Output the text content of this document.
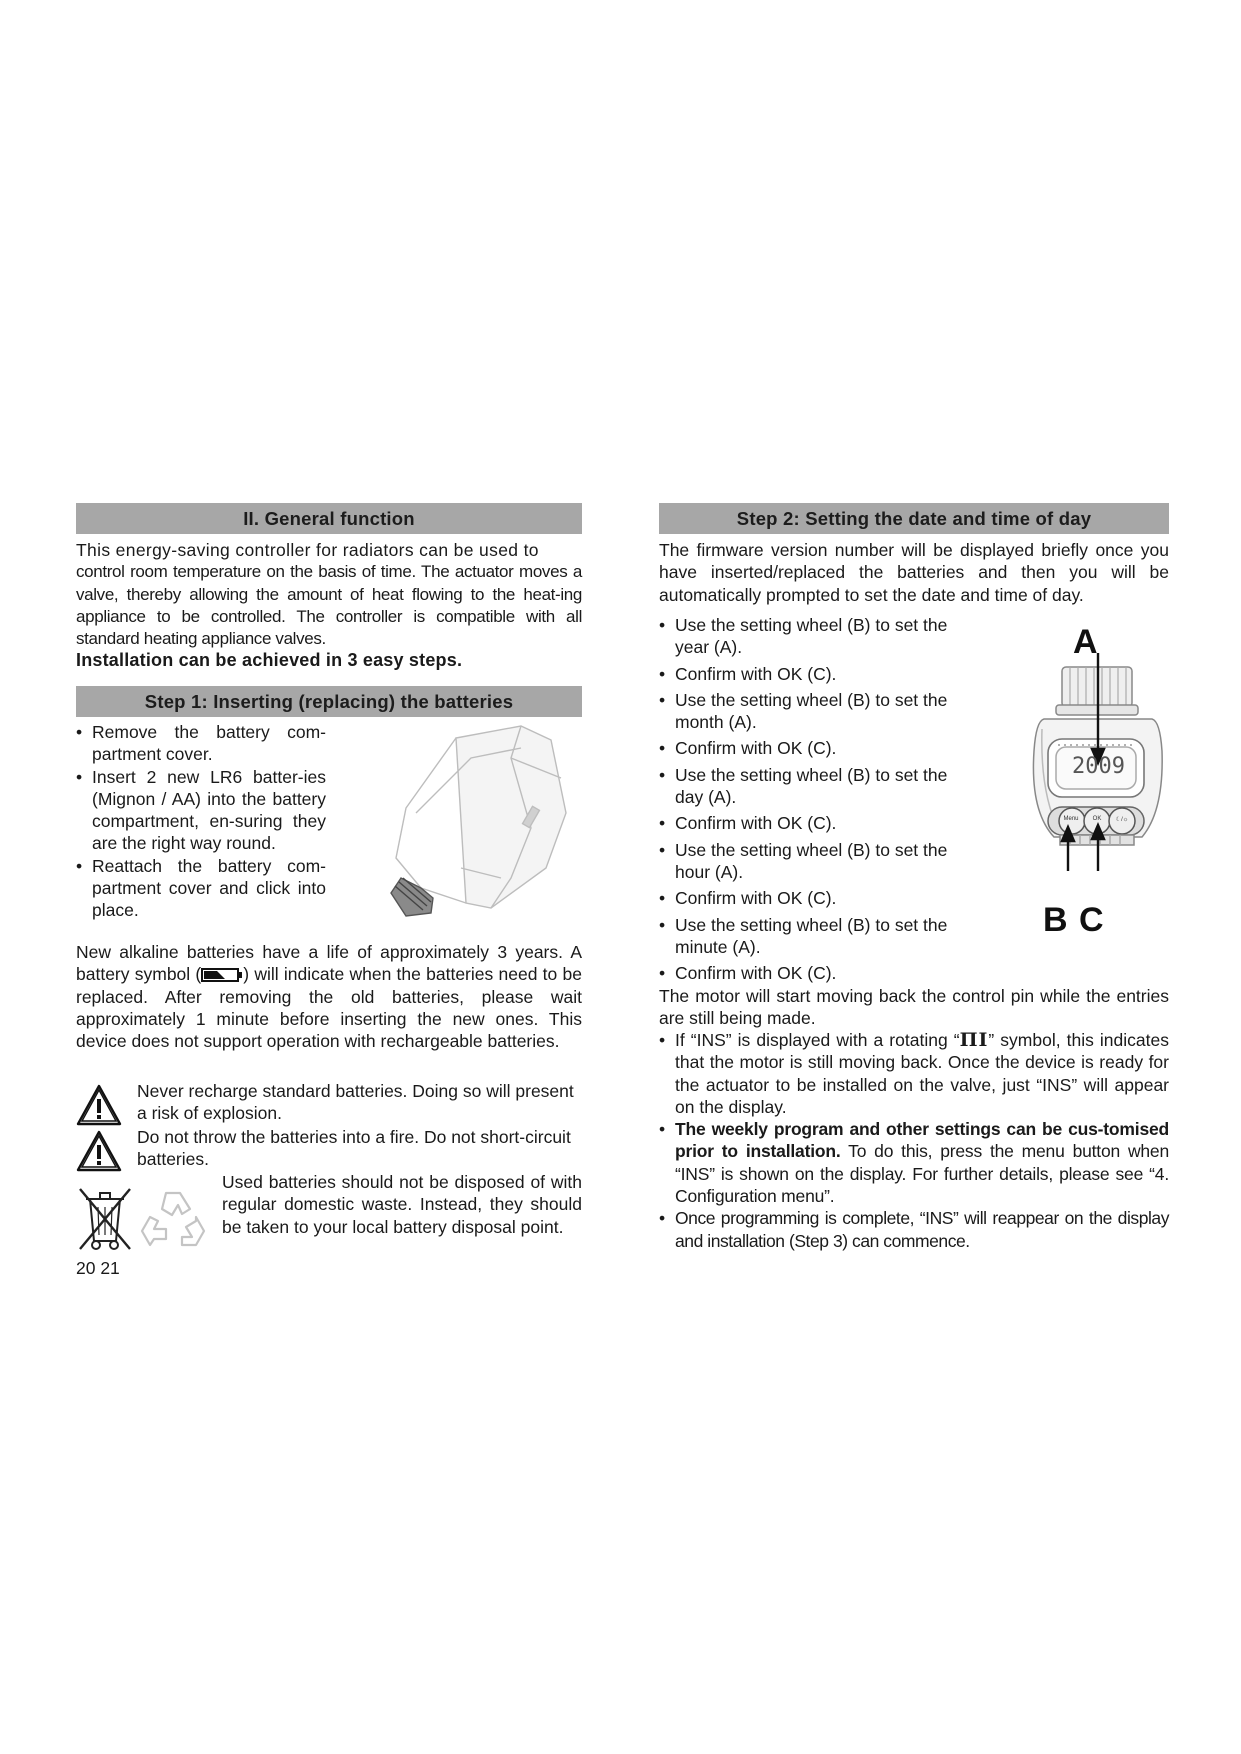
II. General function

This energy-saving controller for radiators can be used to

control room temperature on the basis of time. The actuator moves a valve, thereby allowing the amount of heat flowing to the heat-ing appliance to be controlled. The controller is compatible with all standard heating appliance valves.

Installation can be achieved in 3 easy steps.

Step 1: Inserting (replacing) the batteries
• Remove the battery com-partment cover.
• Insert 2 new LR6 batter-ies (Mignon / AA) into the battery compartment, en-suring they are the right way round.
• Reattach the battery com-partment cover and click into place.

New alkaline batteries have a life of approximately 3 years. A battery symbol ( ) will indicate when the batteries need to be replaced. After removing the old batteries, please wait approximately 1 minute before inserting the new ones. This device does not support operation with rechargeable batteries.

Never recharge standard batteries. Doing so will present a risk of explosion.

Do not throw the batteries into a fire. Do not short-circuit batteries.

Used batteries should not be disposed of with regular domestic waste. Instead, they should be taken to your local battery disposal point.

20 21

Step 2: Setting the date and time of day

The firmware version number will be displayed briefly once you have inserted/replaced the batteries and then you will be automatically prompted to set the date and time of day.

• Use the setting wheel (B) to set the year (A).
• Confirm with OK (C).
• Use the setting wheel (B) to set the month (A).
• Confirm with OK (C).
• Use the setting wheel (B) to set the day (A).
• Confirm with OK (C).
• Use the setting wheel (B) to set the hour (A).
• Confirm with OK (C).
• Use the setting wheel (B) to set the minute (A).
• Confirm with OK (C).
2009
Menu	OK	☾/☼
A
B C

The motor will start moving back the control pin while the entries are still being made.

• If “INS” is displayed with a rotating “ΠΙ” symbol, this indicates that the motor is still moving back. Once the device is ready for the actuator to be installed on the valve, just “INS” will appear on the display.
• The weekly program and other settings can be cus-tomised prior to installation. To do this, press the menu button when “INS” is shown on the display. For further details, please see “4. Configuration menu”.
• Once programming is complete, “INS” will reappear on the display and installation (Step 3) can commence.
